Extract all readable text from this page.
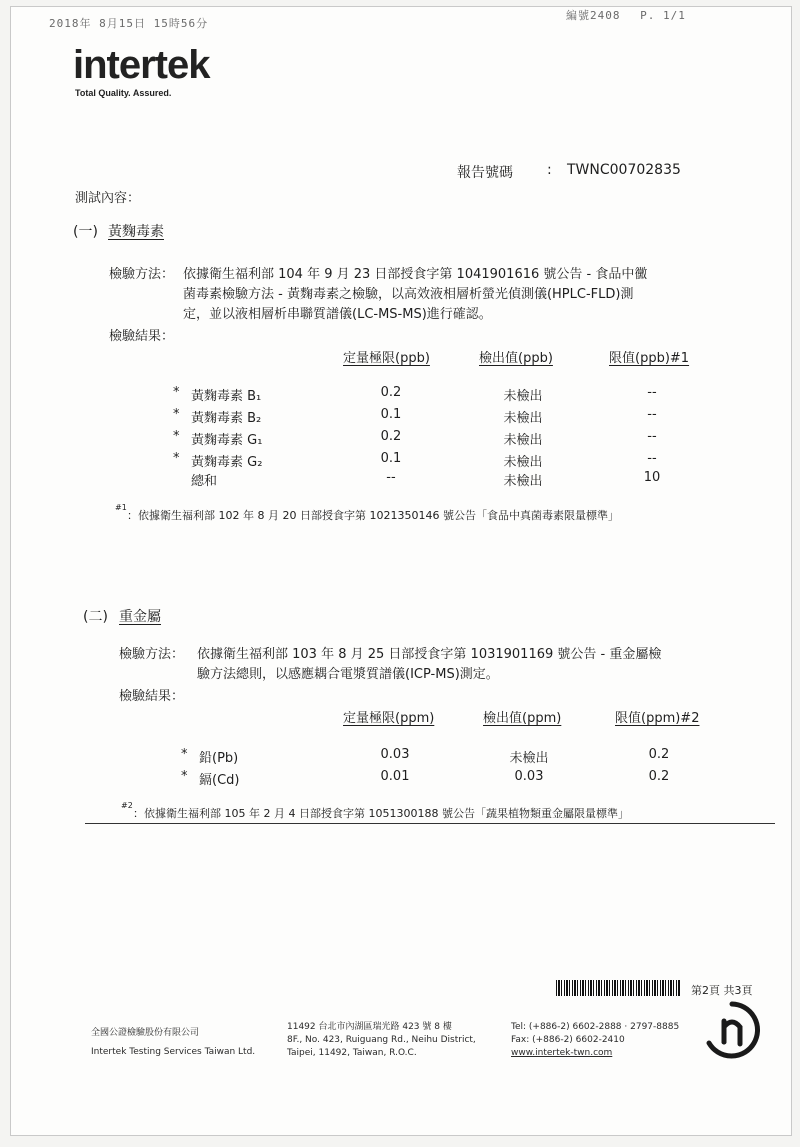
2018年 8月15日 15時56分
編號2408　 P. 1/1
intertek
Total Quality. Assured.
報告號碼 : TWNC00702835
測試內容：
(一) 黃麴毒素
檢驗方法： 依據衛生福利部 104 年 9 月 23 日部授食字第 1041901616 號公告 - 食品中黴
菌毒素檢驗方法 - 黃麴毒素之檢驗，以高效液相層析螢光偵測儀(HPLC-FLD)測
定，並以液相層析串聯質譜儀(LC-MS-MS)進行確認。
檢驗結果：
定量極限(ppb)	檢出值(ppb)	限值(ppb)#1
* 黃麴毒素 B₁	0.2	未檢出	--
* 黃麴毒素 B₂	0.1	未檢出	--
* 黃麴毒素 G₁	0.2	未檢出	--
* 黃麴毒素 G₂	0.1	未檢出	--
總和	--	未檢出	10
#1
：依據衛生福利部 102 年 8 月 20 日部授食字第 1021350146 號公告「食品中真菌毒素限量標準」
(二) 重金屬
檢驗方法： 依據衛生福利部 103 年 8 月 25 日部授食字第 1031901169 號公告 - 重金屬檢
驗方法總則，以感應耦合電漿質譜儀(ICP-MS)測定。
檢驗結果：
定量極限(ppm)	檢出值(ppm)	限值(ppm)#2
* 鉛(Pb)	0.03	未檢出	0.2
* 鎘(Cd)	0.01	0.03	0.2
#2
：依據衛生福利部 105 年 2 月 4 日部授食字第 1051300188 號公告「蔬果植物類重金屬限量標準」
第2頁 共3頁
全國公證檢驗股份有限公司
Intertek Testing Services Taiwan Ltd.
11492 台北市內湖區瑞光路 423 號 8 樓
8F., No. 423, Ruiguang Rd., Neihu District,
Taipei, 11492, Taiwan, R.O.C.
Tel: (+886-2) 6602-2888 · 2797-8885
Fax: (+886-2) 6602-2410
www.intertek-twn.com
